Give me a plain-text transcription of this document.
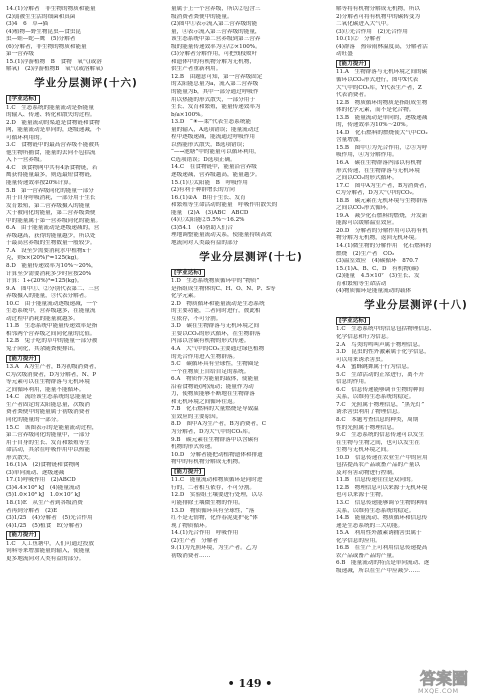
14.(1)分解者　非生物的物质和能量
(2)弱被生生活的细菌和真菌
(3)4　6　草→猫
(4)植物—野生物昆虫—食虫昆
虫—蛙—蛇—鹰　(5)分解者
(6)分解者，非生物的物质和能量
第一营养级
15.(1)浮游植物　B　食物　氧气(或溶
解氧)　(2)浮游植物B　氧气(或溶解氧)
学业分层测评(十六)
[学业达标]
1.C　生态系统的能量流动是指能量
的输入、传递、转化和散失的过程。
2.D　能量流动的渠道是食物链和食物
网，能量流动是单向的，逐级递减，不
可循环利用的。
3.C　食物链中的最高营养级不能被其
他生物所捕食，能量的去向不包括流
入下一营养级。
4.C　该食物网中共有4条食物链，若
鹰获得能量最多，则选最短食物链，
能量传递效率按20%计算。
5.B　第一营养级同化的能量一部分
用于自身呼吸消耗，一部分用于生长
发育繁殖，第二营养级摄入的能量
大于被同化的能量，第二营养级粪便
中的能量属于第一营养级同化的能量。
6.A　由于能量流动是逐级递减的，营
养级越高，获得的能量越少，所以处
于最高营养级的生物数量一般较少。
7.A　设至少需要消耗水中植物x千
克，则x×(20%)⁵=125(kg)。
8.D　能量传递效率为10%～20%，
计算至少需要消耗多少时应按20%
计算：1÷(20%)³=125(kg)。
9.A　图中①、②分别代表第二、三营
养级摄入的能量，③代表分解者。
10.C　由于能量流动逐级递减，一个
生态系统中，营养级越多，在能量流
动过程中消耗的能量就越多。
11.B　生态系统中能量传递效率是指
相邻两个营养级之间同化量的比值。
12.B　兔子吃的草中的能量一部分被
兔子同化，其余随粪便排出。
[能力提升]
13.A　A为生产者，B为初级消费者，
C为次级消费者，D为分解者，N、P
等元素可以在生物群落与无机环境
之间循环利用，能量不能循环。
14.C　流经该生态系统的总能量是
生产者固定的太阳能总量，次级消
费者粪便中的能量属于初级消费者
同化的能量的一部分。
15.C　该图表示的是能量流动过程，
第二营养级同化的能量中，一部分
用于自身的生长、发育和繁殖等生
命活动，其余在呼吸作用中以热能
形式散失。
16.(1)A　(2)食物链和食物网
(3)单向流动、逐级递减
17.(1)呼吸作用　(2)ABCD
(3)4.4×10⁸ kJ　(4)能量流动
(5)1.0×10⁸ kJ　1.0×10⁷ kJ
18.(1)E　从生产者到各级消费
者再到分解者　(2)E
(3)1/25　(4)分解者　(5)光合作用
(4)1/25　(5)植食　E(分解者)
[能力提升]
1.C　人工鱼塘中，人们可通过投放
饲料等来增加能量的输入，使能量
更多地流向对人类有益的部分。
量属于上一个营养级，所以②包含三
级消费者粪便中的能量。
(2)图中①表示流入第二营养级的能
量，④表示流入第三营养级的能量，
该生态系统中第二营养级到第三营养
级的能量传递效率为④/②×100%。
(3)分解者分解作用，可把残枝败叶
和遗体中的有机物分解为无机物，
供生产者重新利用。
12.B　由题意可知，第一营养级固定
的太阳能总量为a，流入第二营养级
的能量为b，其中一部分通过呼吸作
用以热能的形式散失，一部分用于
生长、发育和繁殖，能量传递效率为
b/a×100%。
13.D　“☀—柔”代表生态系统能
量的输入，A选项错误；能量流动过
程中逐级递减，能流通过呼吸作用
以热能形式散失，B选项错误；
“—→池塘”中的能量可以循环利用，
C选项错误；D选项正确。
14.C　在食物链中，能量沿营养级
逐级递减，营养级越高，能量越少。
15.(1)①太阳能　B　呼吸作用
(2)有利于种群增长的方向
16.(1)②A　B用于生长、发育
和繁殖等生命活动的能量　呼吸作用散失的
能量　(2)A　(3)ABC　ABCD
(4)①太阳能②5.5%～16.2%
(3)54.1　(4)帮助人们合
理地调整能量流动关系，使能量持续高效
地流向对人类最有益的部分
学业分层测评(十七)
[学业达标]
1.D　生态系统物质循环中的“物质”
是指组成生物体的C、H、O、N、P、S等
化学元素。
2.D　物质循环和能量流动是生态系统
的主要功能，二者同时进行，彼此相
互依存，不可分割。
3.D　碳在生物群落与无机环境之间
主要以CO₂的形式循环，在生物群落
内部以含碳有机物的形式传递。
4.A　大气中的CO₂主要通过绿色植物
的光合作用进入生物群落。
5.C　碳循环具有全球性，生物圈是
一个在物质上自给自足的系统。
6.A　物质作为能量的载体，使能量
沿着食物链(网)流动；能量作为动
力，使物质能够不断地在生物群落
和无机环境之间循环往返。
7.B　化石燃料的大量燃烧是导致温
室效应的主要原因。
8.D　图中A为生产者，B为消费者，C
为分解者，D为大气中的CO₂库。
9.B　碳元素在生物群落中以含碳有
机物的形式传递。
10.D　分解者能把动植物遗体和排遗
物中的有机物分解成无机物。
[能力提升]
11.C　能量流动和物质循环是同时进
行的，二者相互依存，不可分割。
12.D　实验组土壤要进行处理，以尽
可能排除土壤微生物的作用。
13.D　物质循环具有全球性，“落
红不是无情物，化作春泥更护花”体
现了物质循环。
14.(1)光合作用　呼吸作用
(2)生产者　分解者
9.(1)为光照环境，为生产者。乙为
初级消费者……
解等将有机物分解成无机物，所以
2)分解者可将有机物中的碳转变为
二氧化碳进入大气中。
(3)①光合作用　(2)光合作用
10.(1)②　分解者
(4)群落　热带雨林温度高，分解者活
动旺盛
[能力提升]
11.A　生物群落与无机环境之间的碳
循环以CO₂形式进行，图中X代表
大气中的CO₂库，Y代表生产者，Z
代表消费者。
12.B　物质循环的物质是指组成生物
体的化学元素，而不是化合物。
13.B　能量流动是单向的，逐级递减
的，传递效率为10%～20%。
14.D　化石燃料的燃烧使大气中CO₂
含量增加。
15.B　图中①为光合作用，②③为呼
吸作用，④为分解作用。
16.A　碳在生物群落内部以有机物
形式传递，在生物群落与无机环境
之间以CO₂的形式循环。
17.C　图中A为生产者，B为消费者，
C为分解者，D为大气中的CO₂。
18.B　碳元素在无机环境与生物群落
之间以CO₂形式循环。
19.A　减少化石燃料的燃烧，开发新
能源可以缓解温室效应。
20.D　分解者的分解作用可以将有机
物分解为无机物，返回无机环境。
14.(1)微生物的分解作用　化石燃料的
燃烧　(2)生产者　CO₂
(3)温室效应　(4)碳循环　870.7
15.(1)A、B、C、D　有机物(碳)
(2)能量　4.5×10⁷　(3)生长、发
育和繁殖等生命活动
(4)物质循环是能量流动的载体
学业分层测评(十八)
[学业达标]
1.C　生态系统中的信息包括物理信息、
化学信息和行为信息。
2.A　鸟类的鸣叫声属于物理信息。
3.D　昆虫的性外激素属于化学信息，
可以用来诱杀害虫。
4.A　蜜蜂跳舞属于行为信息。
5.C　生命活动的正常进行，离不开
信息的作用。
6.C　信息传递能够调节生物的种间
关系，以维持生态系统的稳定。
7.C　光照属于物理信息，“黑光灯”
诱杀害虫利用了物理信息。
8.C　本题考查信息的种类，周期
性的光照属于物理信息。
9.C　生态系统的信息传递可以发生
在生物与生物之间，也可以发生在
生物与无机环境之间。
10.D　信息传递在农业生产中的应用
包括提高农产品或畜产品的产量以
及对有害动物进行控制。
11.B　信息传递往往是双向的。
12.B　物理信息可以来源于无机环境
也可以来源于生物。
13.C　信息传递能够调节生物的种间
关系，以维持生态系统的稳定。
14.B　能量流动、物质循环和信息传
递是生态系统的三大功能。
15.A　利用性外激素诱捕害虫属于
化学信息的应用。
16.B　在生产上可利用信息传递提高
农产品或畜产品的产量。
6.B　能量流动的特点是单向流动、逐
级递减，所以在生产中应减少……
• 149 •	答案圈
MXQE.COM
